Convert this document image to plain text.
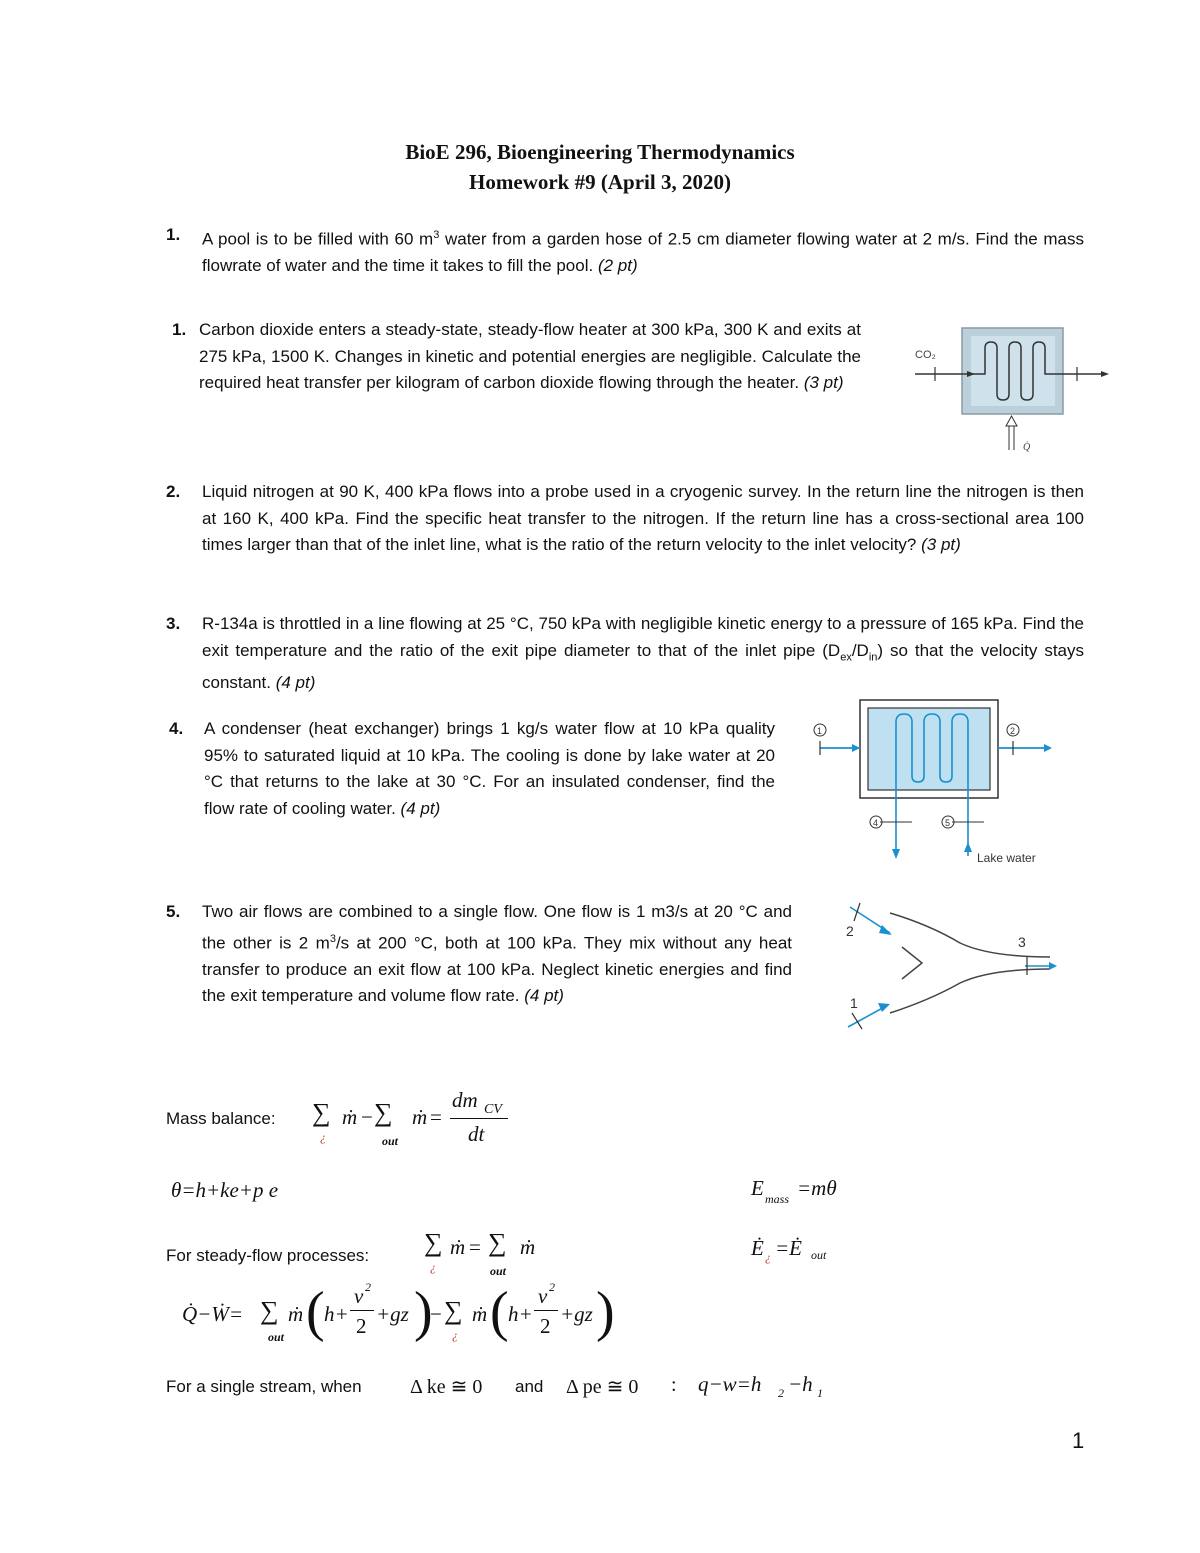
BioE 296, Bioengineering Thermodynamics
Homework #9 (April 3, 2020)
1. A pool is to be filled with 60 $m^3$ water from a garden hose of 2.5 cm diameter flowing water at 2 m/s. Find the mass flowrate of water and the time it takes to fill the pool. (2 pt)
1. Carbon dioxide enters a steady-state, steady-flow heater at 300 kPa, 300 K and exits at 275 kPa, 1500 K. Changes in kinetic and potential energies are negligible. Calculate the required heat transfer per kilogram of carbon dioxide flowing through the heater. (3 pt)
CO₂
Q̇
2. Liquid nitrogen at 90 K, 400 kPa flows into a probe used in a cryogenic survey. In the return line the nitrogen is then at 160 K, 400 kPa. Find the specific heat transfer to the nitrogen. If the return line has a cross-sectional area 100 times larger than that of the inlet line, what is the ratio of the return velocity to the inlet velocity? (3 pt)
3. R-134a is throttled in a line flowing at 25 °C, 750 kPa with negligible kinetic energy to a pressure of 165 kPa. Find the exit temperature and the ratio of the exit pipe diameter to that of the inlet pipe $(D_{ex}/D_{in})$ so that the velocity stays constant. (4 pt)
4. A condenser (heat exchanger) brings 1 kg/s water flow at 10 kPa quality 95% to saturated liquid at 10 kPa. The cooling is done by lake water at 20 °C that returns to the lake at 30 °C. For an insulated condenser, find the flow rate of cooling water. (4 pt)
1	2
4	5
Lake water
5. Two air flows are combined to a single flow. One flow is 1 m3/s at 20 °C and the other is 2 $m^3/s$ at 200 °C, both at 100 kPa. They mix without any heat transfer to produce an exit flow at 100 kPa. Neglect kinetic energies and find the exit temperature and volume flow rate. (4 pt)
2
1
3
Mass balance: ∑
¿
ṁ − ∑
out
ṁ =
dm CV
dt
θ=h+ke+p e	E mass =mθ
For steady-flow processes: ∑
¿
ṁ = ∑
out
ṁ	Ė ¿ =Ė out
Q̇−Ẇ= ∑
out
ṁ ( h+
v 2
2 +gz )
− ∑
¿
ṁ ( h+
v 2
2 +gz )
For a single stream, when Δ ke ≅ 0 and Δ pe ≅ 0 : q−w=h 2 −h 1
1
